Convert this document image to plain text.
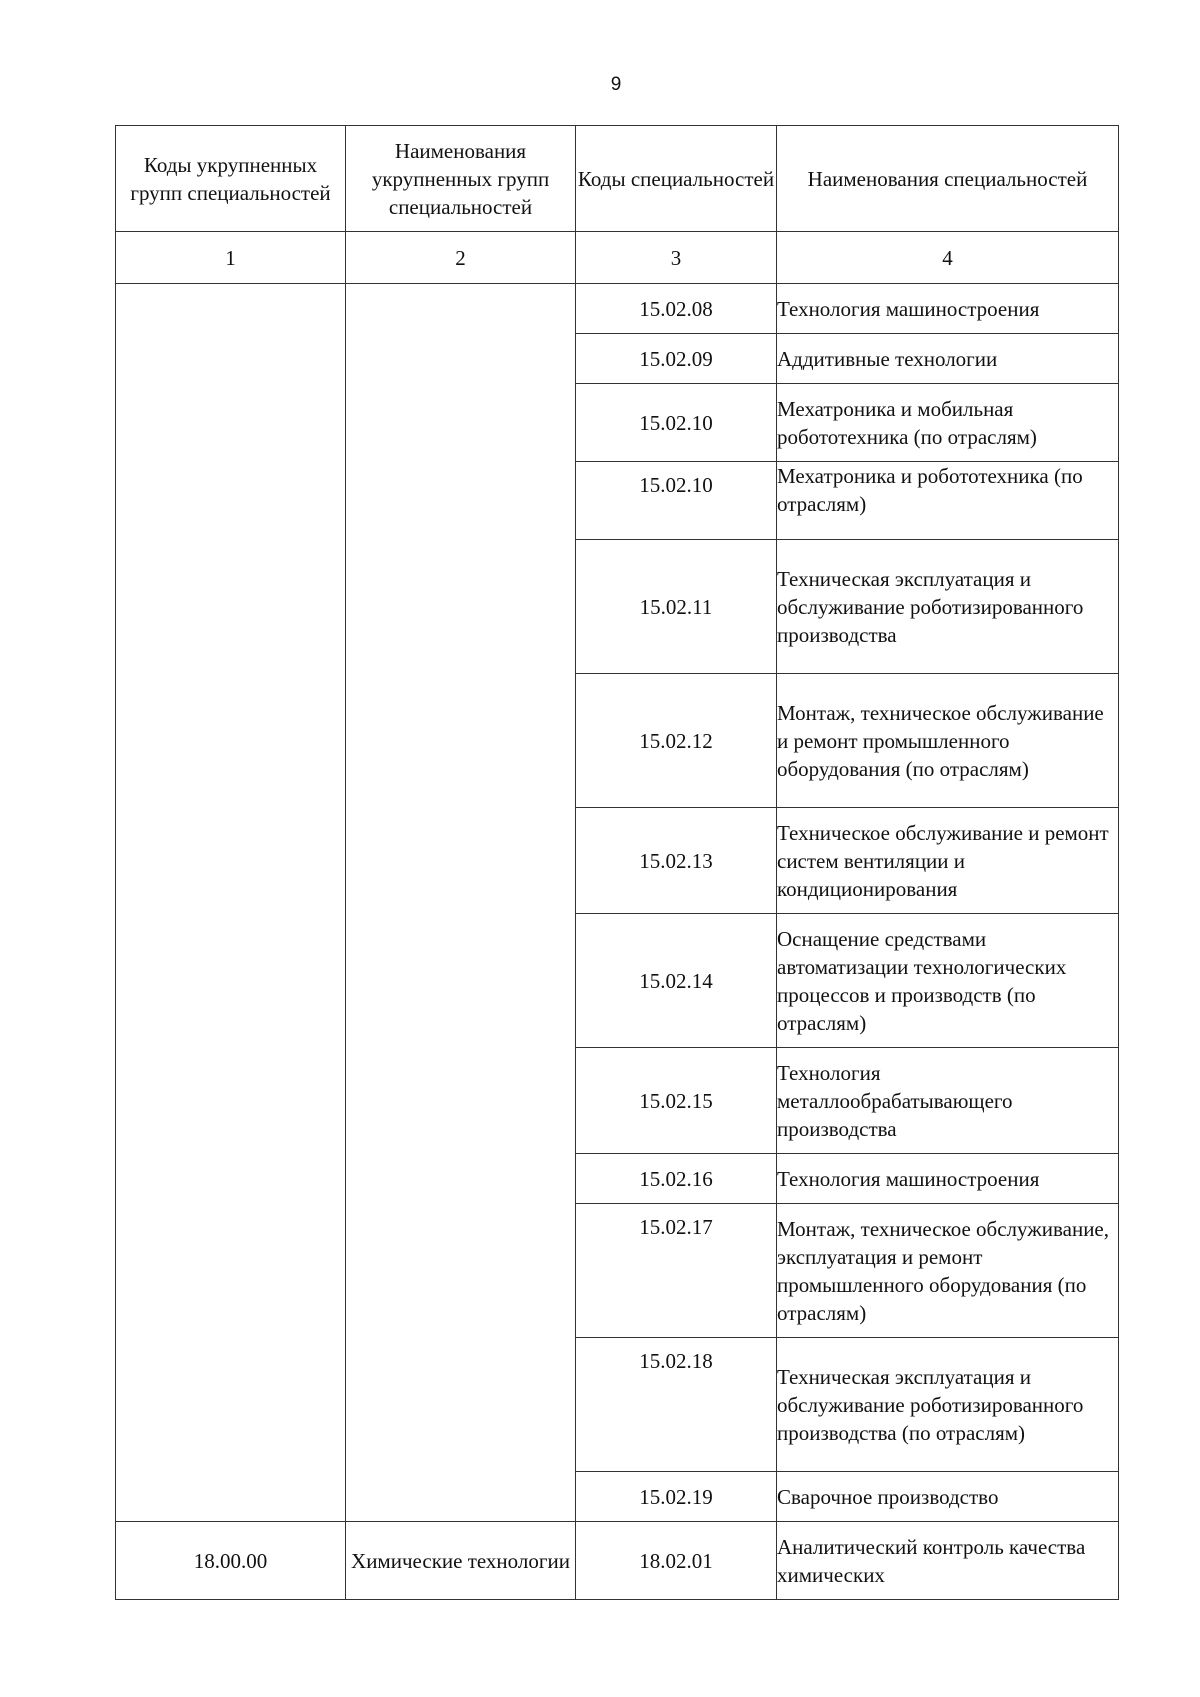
9
Коды укрупненных групп специальностей	Наименования укрупненных групп специальностей	Коды специальностей	Наименования специальностей
1	2	3	4
		15.02.08	Технология машиностроения
		15.02.09	Аддитивные технологии
		15.02.10	Мехатроника и мобильная робототехника (по отраслям)
		15.02.10	Мехатроника и робототехника (по отраслям)
		15.02.11	Техническая эксплуатация и обслуживание роботизированного производства
		15.02.12	Монтаж, техническое обслуживание и ремонт промышленного оборудования (по отраслям)
		15.02.13	Техническое обслуживание и ремонт систем вентиляции и кондиционирования
		15.02.14	Оснащение средствами автоматизации технологических процессов и производств (по отраслям)
		15.02.15	Технология металлообрабатывающего производства
		15.02.16	Технология машиностроения
		15.02.17	Монтаж, техническое обслуживание, эксплуатация и ремонт промышленного оборудования (по отраслям)
		15.02.18	Техническая эксплуатация и обслуживание роботизированного производства (по отраслям)
		15.02.19	Сварочное производство
18.00.00	Химические технологии	18.02.01	Аналитический контроль качества химических
